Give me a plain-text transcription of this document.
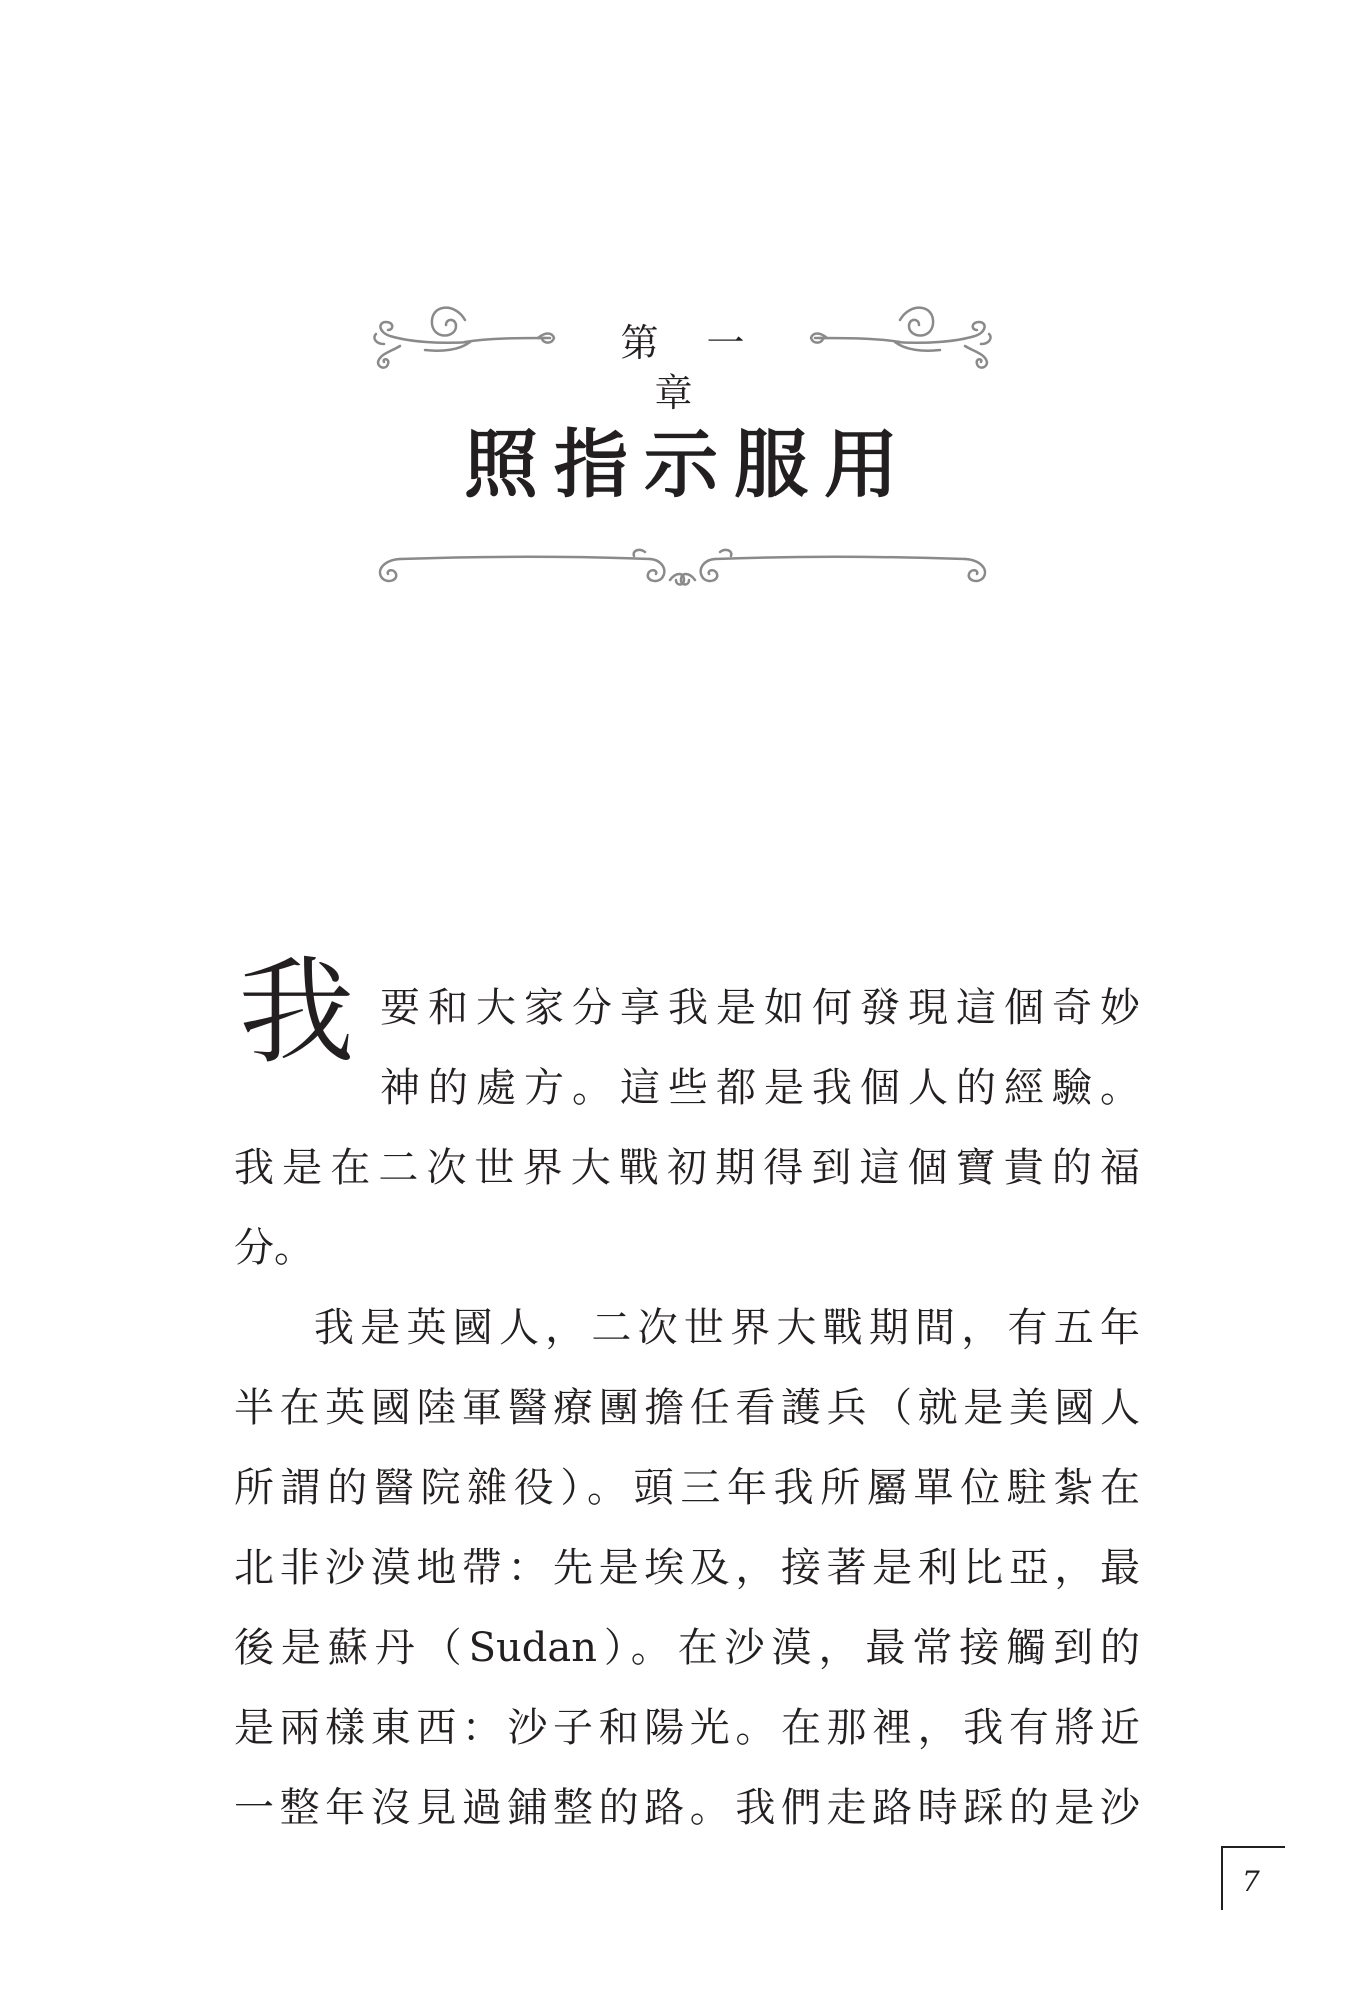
第 一 章
照指示服用
我 要和大家分享我是如何發現這個奇妙
神的處方。這些都是我個人的經驗。
我是在二次世界大戰初期得到這個寶貴的福
分。
我是英國人，二次世界大戰期間，有五年
半在英國陸軍醫療團擔任看護兵（就是美國人
所謂的醫院雜役）。頭三年我所屬單位駐紮在
北非沙漠地帶：先是埃及，接著是利比亞，最
後是蘇丹（Sudan）。在沙漠，最常接觸到的
是兩樣東西：沙子和陽光。在那裡，我有將近
一整年沒見過鋪整的路。我們走路時踩的是沙
7
